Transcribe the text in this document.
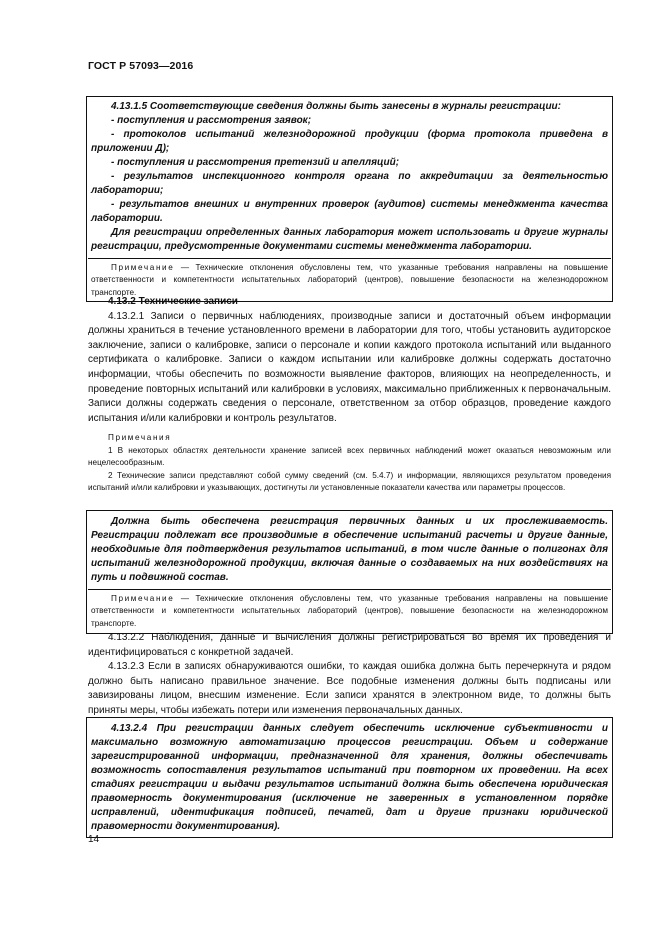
ГОСТ Р 57093—2016

4.13.1.5 Соответствующие сведения должны быть занесены в журналы регистрации:

- поступления и рассмотрения заявок;

- протоколов испытаний железнодорожной продукции (форма протокола приведена в приложении Д);

- поступления и рассмотрения претензий и апелляций;

- результатов инспекционного контроля органа по аккредитации за деятельностью лаборатории;

- результатов внешних и внутренних проверок (аудитов) системы менеджмента качества лаборатории.

Для регистрации определенных данных лаборатория может использовать и другие журналы регистрации, предусмотренные документами системы менеджмента лаборатории.

Примечание — Технические отклонения обусловлены тем, что указанные требования направлены на повышение ответственности и компетентности испытательных лабораторий (центров), повышение безопасности на железнодорожном транспорте.

4.13.2 Технические записи

4.13.2.1 Записи о первичных наблюдениях, производные записи и достаточный объем информации должны храниться в течение установленного времени в лаборатории для того, чтобы установить аудиторское заключение, записи о калибровке, записи о персонале и копии каждого протокола испытаний или выданного сертификата о калибровке. Записи о каждом испытании или калибровке должны содержать достаточно информации, чтобы обеспечить по возможности выявление факторов, влияющих на неопределенность, и проведение повторных испытаний или калибровки в условиях, максимально приближенных к первоначальным. Записи должны содержать сведения о персонале, ответственном за отбор образцов, проведение каждого испытания и/или калибровки и контроль результатов.

Примечания

1 В некоторых областях деятельности хранение записей всех первичных наблюдений может оказаться невозможным или нецелесообразным.

2 Технические записи представляют собой сумму сведений (см. 5.4.7) и информации, являющихся результатом проведения испытаний и/или калибровки и указывающих, достигнуты ли установленные показатели качества или параметры процессов.

Должна быть обеспечена регистрация первичных данных и их прослеживаемость. Регистрации подлежат все производимые в обеспечение испытаний расчеты и другие данные, необходимые для подтверждения результатов испытаний, в том числе данные о полигонах для испытаний железнодорожной продукции, включая данные о создаваемых на них воздействиях на путь и подвижной состав.

Примечание — Технические отклонения обусловлены тем, что указанные требования направлены на повышение ответственности и компетентности испытательных лабораторий (центров), повышение безопасности на железнодорожном транспорте.

4.13.2.2 Наблюдения, данные и вычисления должны регистрироваться во время их проведения и идентифицироваться с конкретной задачей.

4.13.2.3 Если в записях обнаруживаются ошибки, то каждая ошибка должна быть перечеркнута и рядом должно быть написано правильное значение. Все подобные изменения должны быть подписаны или завизированы лицом, внесшим изменение. Если записи хранятся в электронном виде, то должны быть приняты меры, чтобы избежать потери или изменения первоначальных данных.

4.13.2.4 При регистрации данных следует обеспечить исключение субъективности и максимально возможную автоматизацию процессов регистрации. Объем и содержание зарегистрированной информации, предназначенной для хранения, должны обеспечивать возможность сопоставления результатов испытаний при повторном их проведении. На всех стадиях регистрации и выдачи результатов испытаний должна быть обеспечена юридическая правомерность документирования (исключение не заверенных в установленном порядке исправлений, идентификация подписей, печатей, дат и другие признаки юридической правомерности документирования).

14
